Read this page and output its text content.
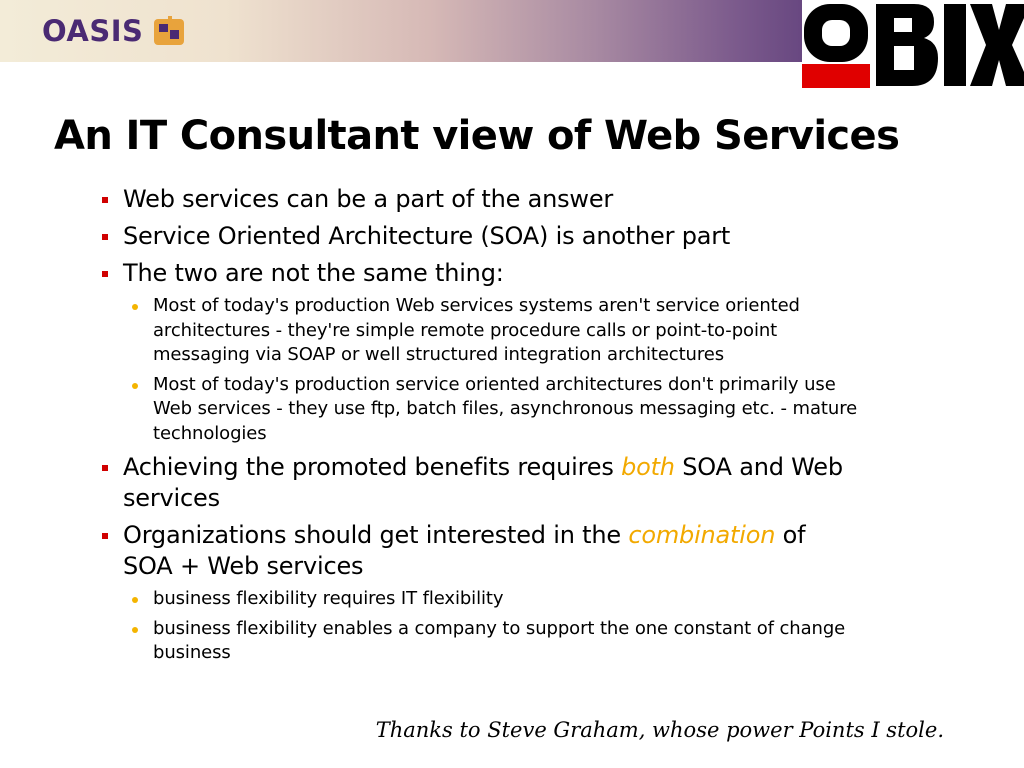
OASIS
An IT Consultant view of Web Services
Web services can be a part of the answer
Service Oriented Architecture (SOA) is another part
The two are not the same thing:
Most of today's production Web services systems aren't service oriented architectures - they're simple remote procedure calls or point-to-point messaging via SOAP or well structured integration architectures
Most of today's production service oriented architectures don't primarily use Web services - they use ftp, batch files, asynchronous messaging etc. - mature technologies
Achieving the promoted benefits requires both SOA and Web services
Organizations should get interested in the combination of SOA + Web services
business flexibility requires IT flexibility
business flexibility enables a company to support the one constant of change business
Thanks to Steve Graham, whose power Points I stole.
